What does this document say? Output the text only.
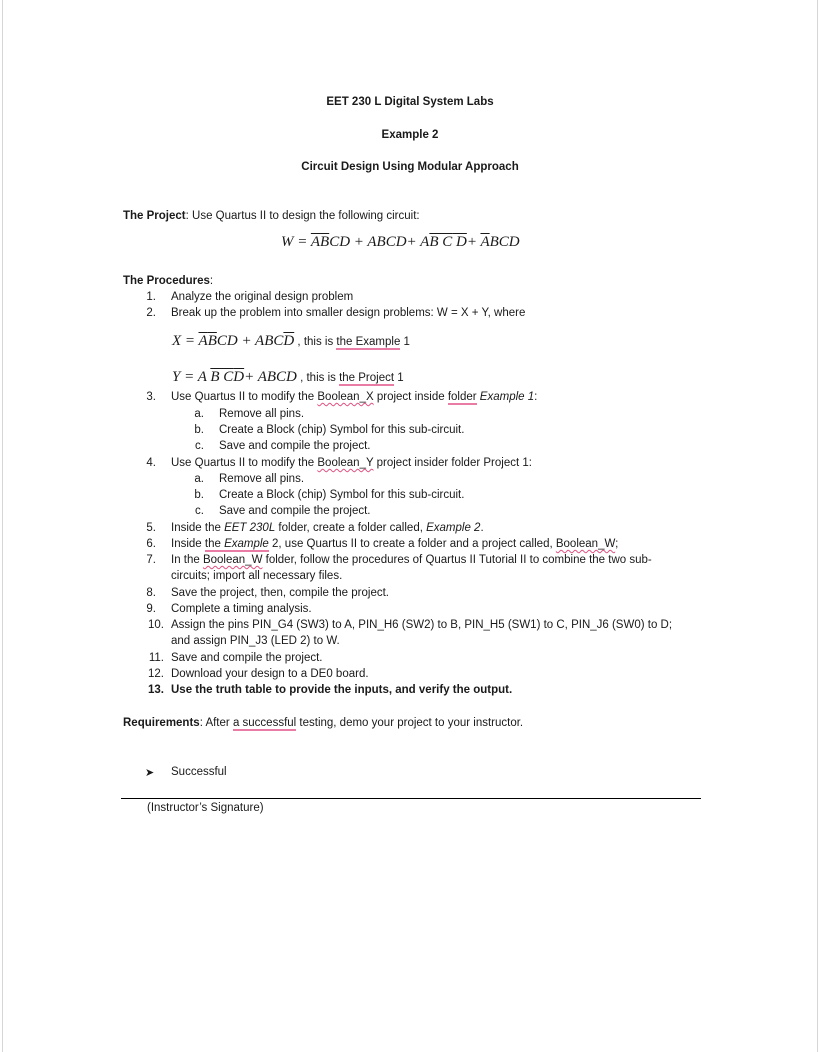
EET 230 L Digital System Labs
Example 2
Circuit Design Using Modular Approach
The Project: Use Quartus II to design the following circuit:
$W = \overline{A}\overline{B}CD$ + ABCD+ $A\overline{B}$ C $D+ \overline{A}BCD$
The Procedures:
1. Analyze the original design problem
2. Break up the problem into smaller design problems: W = X + Y, where
$X = \overline{A}\overline{B}CD + ABC\overline{D}$ , this is the Example 1
Y = A $\overline{B}$ $C\overline{D}+$ ABCD , this is the Project 1
3. Use Quartus II to modify the Boolean_X project inside folder Example 1:
a. Remove all pins.
b. Create a Block (chip) Symbol for this sub-circuit.
c. Save and compile the project.
4. Use Quartus II to modify the Boolean_Y project insider folder Project 1:
a. Remove all pins.
b. Create a Block (chip) Symbol for this sub-circuit.
c. Save and compile the project.
5. Inside the EET 230L folder, create a folder called, Example 2.
6. Inside the Example 2, use Quartus II to create a folder and a project called, Boolean_W;
7. In the Boolean_W folder, follow the procedures of Quartus II Tutorial II to combine the two sub-
circuits; import all necessary files.
8. Save the project, then, compile the project.
9. Complete a timing analysis.
10. Assign the pins PIN_G4 (SW3) to A, PIN_H6 (SW2) to B, PIN_H5 (SW1) to C, PIN_J6 (SW0) to D;
and assign PIN_J3 (LED 2) to W.
11. Save and compile the project.
12. Download your design to a DE0 board.
13. Use the truth table to provide the inputs, and verify the output.
Requirements: After a successful testing, demo your project to your instructor.
➤ Successful
(Instructor’s Signature)
